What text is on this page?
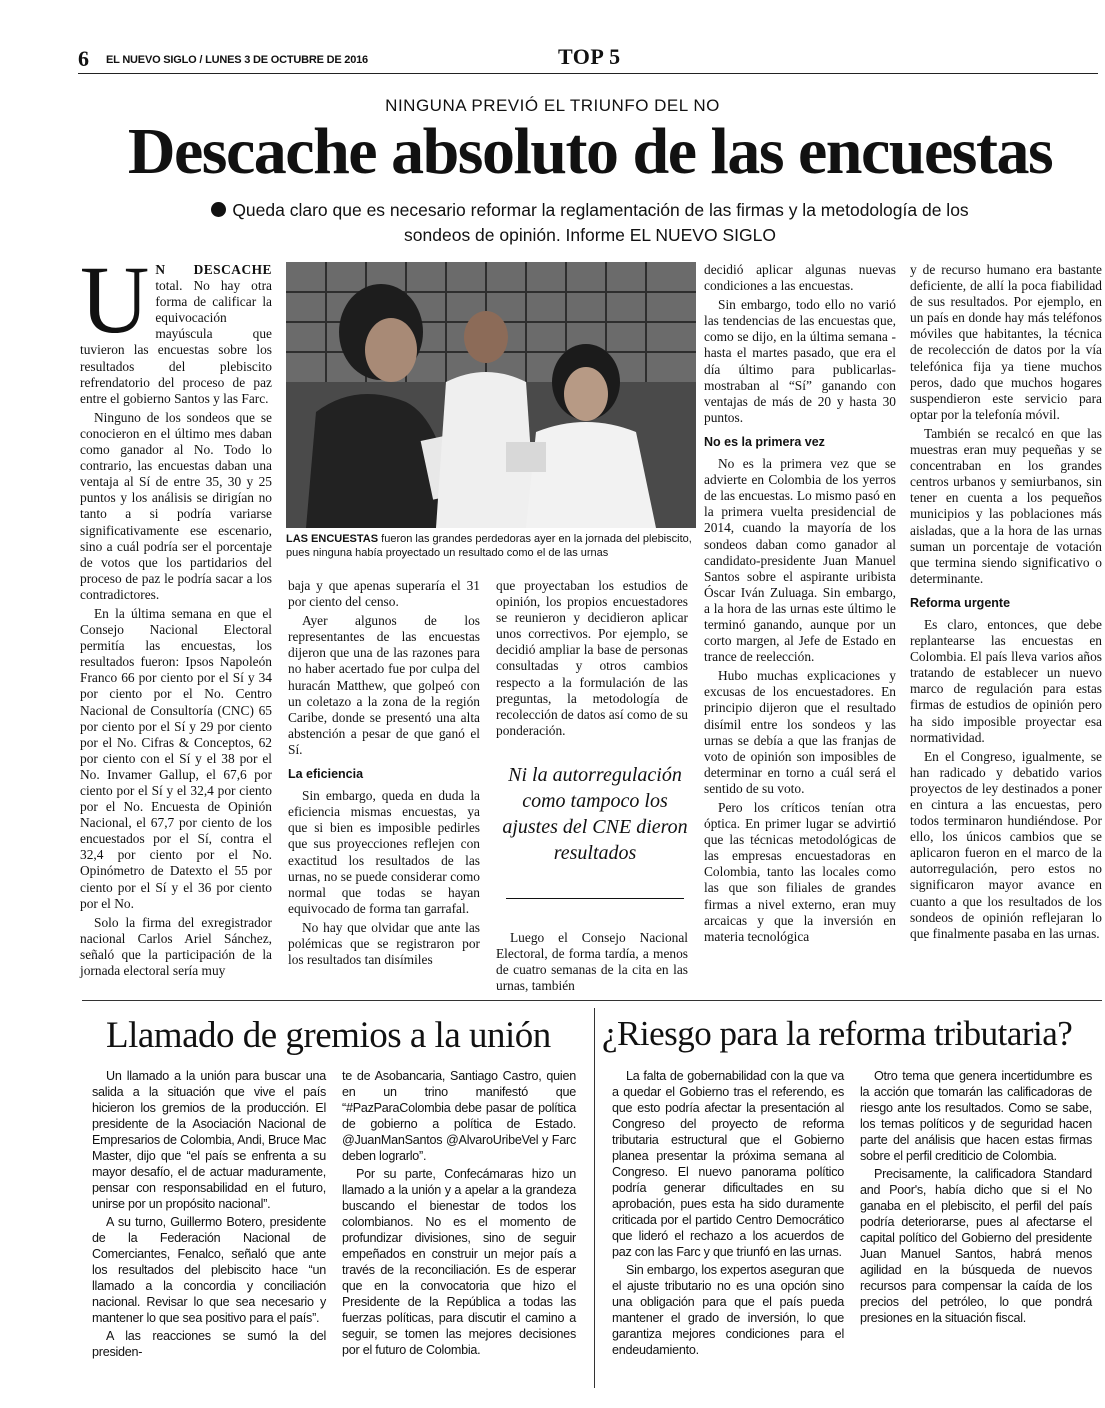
6 EL NUEVO SIGLO / LUNES 3 DE OCTUBRE DE 2016	TOP 5
NINGUNA PREVIÓ EL TRIUNFO DEL NO
Descache absoluto de las encuestas
Queda claro que es necesario reformar la reglamentación de las firmas y la metodología de los sondeos de opinión. Informe EL NUEVO SIGLO

U N DESCACHE total. No hay otra forma de calificar la equivocación mayúscula que tuvieron las encuestas sobre los resultados del plebiscito refrendatorio del proceso de paz entre el gobierno Santos y las Farc.

Ninguno de los sondeos que se conocieron en el último mes daban como ganador al No. Todo lo contrario, las encuestas daban una ventaja al Sí de entre 35, 30 y 25 puntos y los análisis se dirigían no tanto a si podría variarse significativamente ese escenario, sino a cuál podría ser el porcentaje de votos que los partidarios del proceso de paz le podría sacar a los contradictores.

En la última semana en que el Consejo Nacional Electoral permitía las encuestas, los resultados fueron: Ipsos Napoleón Franco 66 por ciento por el Sí y 34 por ciento por el No. Centro Nacional de Consultoría (CNC) 65 por ciento por el Sí y 29 por ciento por el No. Cifras & Conceptos, 62 por ciento con el Sí y el 38 por el No. Invamer Gallup, el 67,6 por ciento por el Sí y el 32,4 por ciento por el No. Encuesta de Opinión Nacional, el 67,7 por ciento de los encuestados por el Sí, contra el 32,4 por ciento por el No. Opinómetro de Datexto el 55 por ciento por el Sí y el 36 por ciento por el No.

Solo la firma del exregistrador nacional Carlos Ariel Sánchez, señaló que la participación de la jornada electoral sería muy

LAS ENCUESTAS fueron las grandes perdedoras ayer en la jornada del plebiscito, pues ninguna había proyectado un resultado como el de las urnas

baja y que apenas superaría el 31 por ciento del censo.

Ayer algunos de los representantes de las encuestas dijeron que una de las razones para no haber acertado fue por culpa del huracán Matthew, que golpeó con un coletazo a la zona de la región Caribe, donde se presentó una alta abstención a pesar de que ganó el Sí.

La eficiencia

Sin embargo, queda en duda la eficiencia mismas encuestas, ya que si bien es imposible pedirles que sus proyecciones reflejen con exactitud los resultados de las urnas, no se puede considerar como normal que todas se hayan equivocado de forma tan garrafal.

No hay que olvidar que ante las polémicas que se registraron por los resultados tan disímiles

que proyectaban los estudios de opinión, los propios encuestadores se reunieron y decidieron aplicar unos correctivos. Por ejemplo, se decidió ampliar la base de personas consultadas y otros cambios respecto a la formulación de las preguntas, la metodología de recolección de datos así como de su ponderación.

Ni la autorregulación como tampoco los ajustes del CNE dieron resultados

Luego el Consejo Nacional Electoral, de forma tardía, a menos de cuatro semanas de la cita en las urnas, también

decidió aplicar algunas nuevas condiciones a las encuestas.

Sin embargo, todo ello no varió las tendencias de las encuestas que, como se dijo, en la última semana -hasta el martes pasado, que era el día último para publicarlas- mostraban al “Sí” ganando con ventajas de más de 20 y hasta 30 puntos.

No es la primera vez

No es la primera vez que se advierte en Colombia de los yerros de las encuestas. Lo mismo pasó en la primera vuelta presidencial de 2014, cuando la mayoría de los sondeos daban como ganador al candidato-presidente Juan Manuel Santos sobre el aspirante uribista Óscar Iván Zuluaga. Sin embargo, a la hora de las urnas este último le terminó ganando, aunque por un corto margen, al Jefe de Estado en trance de reelección.

Hubo muchas explicaciones y excusas de los encuestadores. En principio dijeron que el resultado disímil entre los sondeos y las urnas se debía a que las franjas de voto de opinión son imposibles de determinar en torno a cuál será el sentido de su voto.

Pero los críticos tenían otra óptica. En primer lugar se advirtió que las técnicas metodológicas de las empresas encuestadoras en Colombia, tanto las locales como las que son filiales de grandes firmas a nivel externo, eran muy arcaicas y que la inversión en materia tecnológica

y de recurso humano era bastante deficiente, de allí la poca fiabilidad de sus resultados. Por ejemplo, en un país en donde hay más teléfonos móviles que habitantes, la técnica de recolección de datos por la vía telefónica fija ya tiene muchos peros, dado que muchos hogares suspendieron este servicio para optar por la telefonía móvil.

También se recalcó en que las muestras eran muy pequeñas y se concentraban en los grandes centros urbanos y semiurbanos, sin tener en cuenta a los pequeños municipios y las poblaciones más aisladas, que a la hora de las urnas suman un porcentaje de votación que termina siendo significativo o determinante.

Reforma urgente

Es claro, entonces, que debe replantearse las encuestas en Colombia. El país lleva varios años tratando de establecer un nuevo marco de regulación para estas firmas de estudios de opinión pero ha sido imposible proyectar esa normatividad.

En el Congreso, igualmente, se han radicado y debatido varios proyectos de ley destinados a poner en cintura a las encuestas, pero todos terminaron hundiéndose. Por ello, los únicos cambios que se aplicaron fueron en el marco de la autorregulación, pero estos no significaron mayor avance en cuanto a que los resultados de los sondeos de opinión reflejaran lo que finalmente pasaba en las urnas.

Llamado de gremios a la unión

Un llamado a la unión para buscar una salida a la situación que vive el país hicieron los gremios de la producción. El presidente de la Asociación Nacional de Empresarios de Colombia, Andi, Bruce Mac Master, dijo que “el país se enfrenta a su mayor desafío, el de actuar maduramente, pensar con responsabilidad en el futuro, unirse por un propósito nacional”.

A su turno, Guillermo Botero, presidente de la Federación Nacional de Comerciantes, Fenalco, señaló que ante los resultados del plebiscito hace “un llamado a la concordia y conciliación nacional. Revisar lo que sea necesario y mantener lo que sea positivo para el país”.

A las reacciones se sumó la del presiden-

te de Asobancaria, Santiago Castro, quien en un trino manifestó que “#PazParaColombia debe pasar de política de gobierno a política de Estado. @JuanManSantos @AlvaroUribeVel y Farc deben lograrlo”.

Por su parte, Confecámaras hizo un llamado a la unión y a apelar a la grandeza buscando el bienestar de todos los colombianos. No es el momento de profundizar divisiones, sino de seguir empeñados en construir un mejor país a través de la reconciliación. Es de esperar que en la convocatoria que hizo el Presidente de la República a todas las fuerzas políticas, para discutir el camino a seguir, se tomen las mejores decisiones por el futuro de Colombia.

¿Riesgo para la reforma tributaria?

La falta de gobernabilidad con la que va a quedar el Gobierno tras el referendo, es que esto podría afectar la presentación al Congreso del proyecto de reforma tributaria estructural que el Gobierno planea presentar la próxima semana al Congreso. El nuevo panorama político podría generar dificultades en su aprobación, pues esta ha sido duramente criticada por el partido Centro Democrático que lideró el rechazo a los acuerdos de paz con las Farc y que triunfó en las urnas.

Sin embargo, los expertos aseguran que el ajuste tributario no es una opción sino una obligación para que el país pueda mantener el grado de inversión, lo que garantiza mejores condiciones para el endeudamiento.

Otro tema que genera incertidumbre es la acción que tomarán las calificadoras de riesgo ante los resultados. Como se sabe, los temas políticos y de seguridad hacen parte del análisis que hacen estas firmas sobre el perfil crediticio de Colombia.

Precisamente, la calificadora Standard and Poor's, había dicho que si el No ganaba en el plebiscito, el perfil del país podría deteriorarse, pues al afectarse el capital político del Gobierno del presidente Juan Manuel Santos, habrá menos agilidad en la búsqueda de nuevos recursos para compensar la caída de los precios del petróleo, lo que pondrá presiones en la situación fiscal.
